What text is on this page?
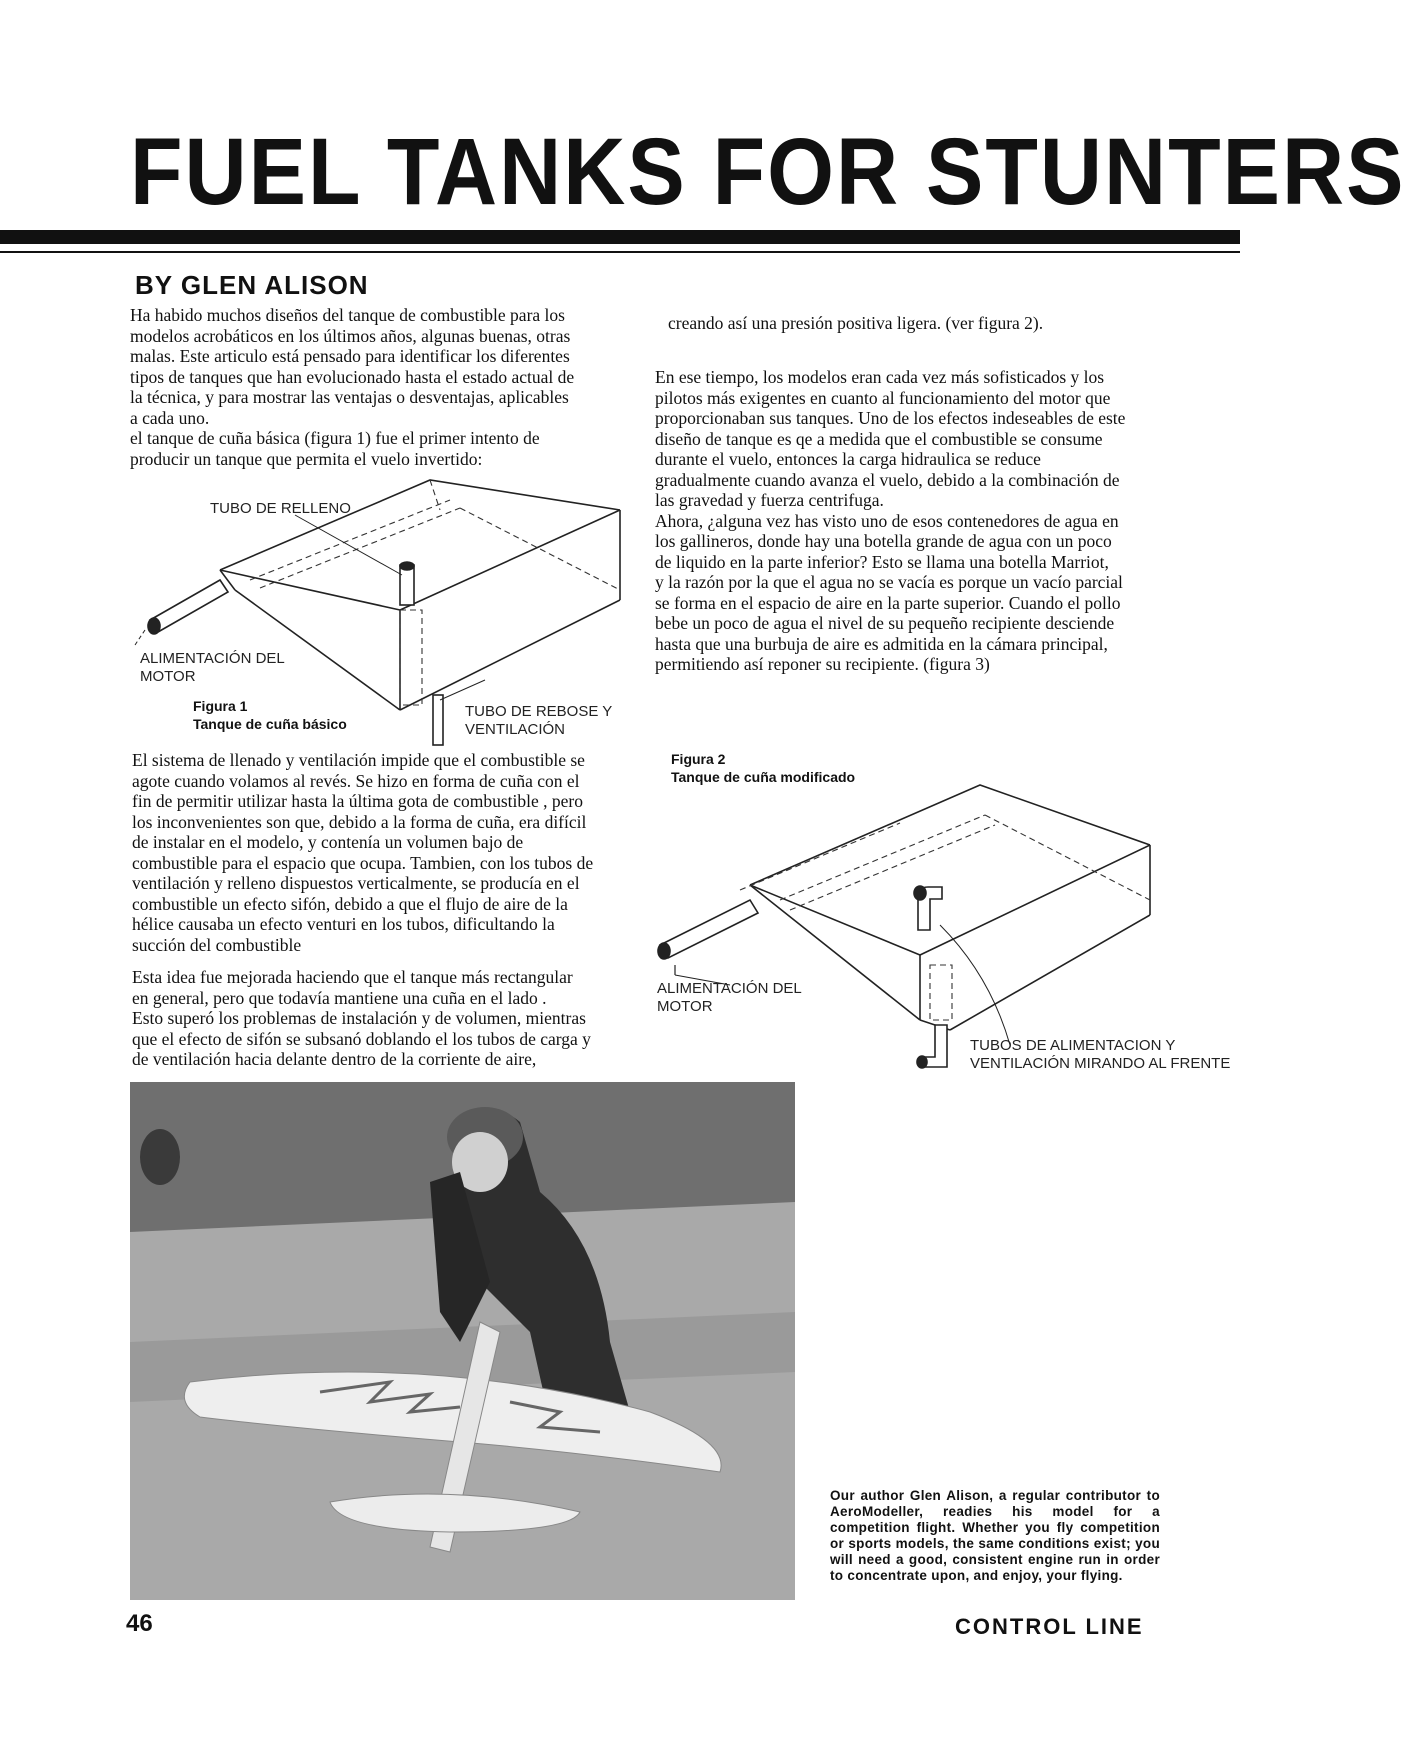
FUEL TANKS FOR STUNTERS
BY GLEN ALISON

Ha habido muchos diseños del tanque de combustible para los

modelos acrobáticos en los últimos años, algunas buenas, otras

malas. Este articulo está pensado para identificar los diferentes

tipos de tanques que han evolucionado hasta el estado actual de

la técnica, y para mostrar las ventajas o desventajas, aplicables

a cada uno.

el tanque de cuña básica (figura 1) fue el primer intento de

producir un tanque que permita el vuelo invertido:

TUBO DE RELLENO
ALIMENTACIÓN DEL
MOTOR
TUBO DE REBOSE Y
VENTILACIÓN
Figura 1
Tanque de cuña básico

El sistema de llenado y ventilación impide que el combustible se

agote cuando volamos al revés. Se hizo en forma de cuña con el

fin de permitir utilizar hasta la última gota de combustible , pero

los inconvenientes son que, debido a la forma de cuña, era difícil

de instalar en el modelo, y contenía un volumen bajo de

combustible para el espacio que ocupa. Tambien, con los tubos de

ventilación y relleno dispuestos verticalmente, se producía en el

combustible un efecto sifón, debido a que el flujo de aire de la

hélice causaba un efecto venturi en los tubos, dificultando la

succión del combustible

Esta idea fue mejorada haciendo que el tanque más rectangular

en general, pero que todavía mantiene una cuña en el lado .

Esto superó los problemas de instalación y de volumen, mientras

que el efecto de sifón se subsanó doblando el los tubos de carga y

de ventilación hacia delante dentro de la corriente de aire,

creando así una presión positiva ligera. (ver figura 2).

En ese tiempo, los modelos eran cada vez más sofisticados y los

pilotos más exigentes en cuanto al funcionamiento del motor que

proporcionaban sus tanques. Uno de los efectos indeseables de este

diseño de tanque es qe a medida que el combustible se consume

durante el vuelo, entonces la carga hidraulica se reduce

gradualmente cuando avanza el vuelo, debido a la combinación de

las gravedad y fuerza centrifuga.

Ahora, ¿alguna vez has visto uno de esos contenedores de agua en

los gallineros, donde hay una botella grande de agua con un poco

de liquido en la parte inferior? Esto se llama una botella Marriot,

y la razón por la que el agua no se vacía es porque un vacío parcial

se forma en el espacio de aire en la parte superior. Cuando el pollo

bebe un poco de agua el nivel de su pequeño recipiente desciende

hasta que una burbuja de aire es admitida en la cámara principal,

permitiendo así reponer su recipiente. (figura 3)

Figura 2
Tanque de cuña modificado
ALIMENTACIÓN DEL
MOTOR
TUBOS DE ALIMENTACION Y
VENTILACIÓN MIRANDO AL FRENTE
Our author Glen Alison, a regular contributor to AeroModeller, readies his model for a competition flight. Whether you fly competition or sports models, the same conditions exist; you will need a good, consistent engine run in order to concentrate upon, and enjoy, your flying.
46	CONTROL LINE
